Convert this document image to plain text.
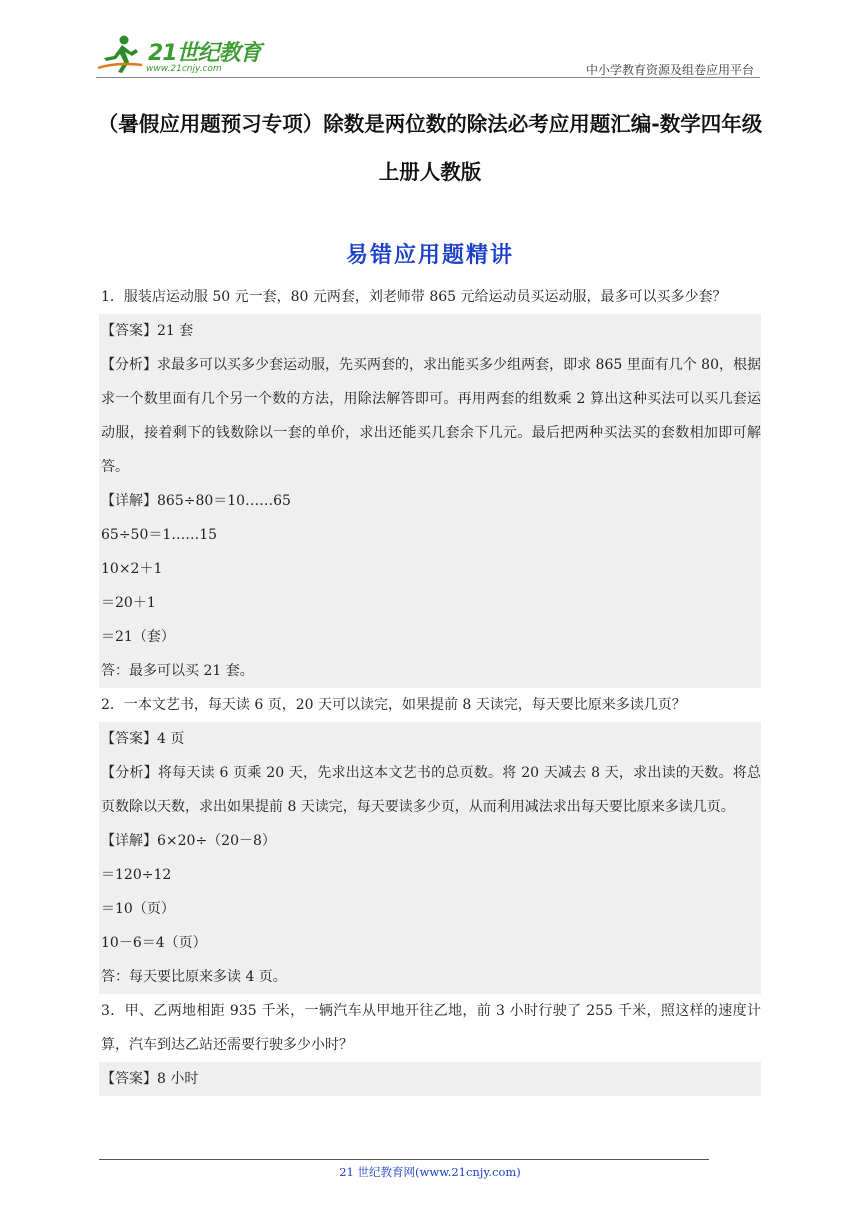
21世纪教育
www.21cnjy.com	中小学教育资源及组卷应用平台
（暑假应用题预习专项）除数是两位数的除法必考应用题汇编-数学四年级上册人教版
易错应用题精讲
1．服装店运动服 50 元一套，80 元两套，刘老师带 865 元给运动员买运动服，最多可以买多少套？
【答案】21 套
【分析】求最多可以买多少套运动服，先买两套的，求出能买多少组两套，即求 865 里面有几个 80，根据求一个数里面有几个另一个数的方法，用除法解答即可。再用两套的组数乘 2 算出这种买法可以买几套运动服，接着剩下的钱数除以一套的单价，求出还能买几套余下几元。最后把两种买法买的套数相加即可解答。
【详解】865÷80＝10……65
65÷50＝1……15
10×2＋1
＝20＋1
＝21（套）
答：最多可以买 21 套。
2．一本文艺书，每天读 6 页，20 天可以读完，如果提前 8 天读完，每天要比原来多读几页？
【答案】4 页
【分析】将每天读 6 页乘 20 天，先求出这本文艺书的总页数。将 20 天减去 8 天，求出读的天数。将总页数除以天数，求出如果提前 8 天读完，每天要读多少页，从而利用减法求出每天要比原来多读几页。
【详解】6×20÷（20－8）
＝120÷12
＝10（页）
10－6＝4（页）
答：每天要比原来多读 4 页。
3．甲、乙两地相距 935 千米，一辆汽车从甲地开往乙地，前 3 小时行驶了 255 千米，照这样的速度计算，汽车到达乙站还需要行驶多少小时？
【答案】8 小时
21 世纪教育网(www.21cnjy.com)
